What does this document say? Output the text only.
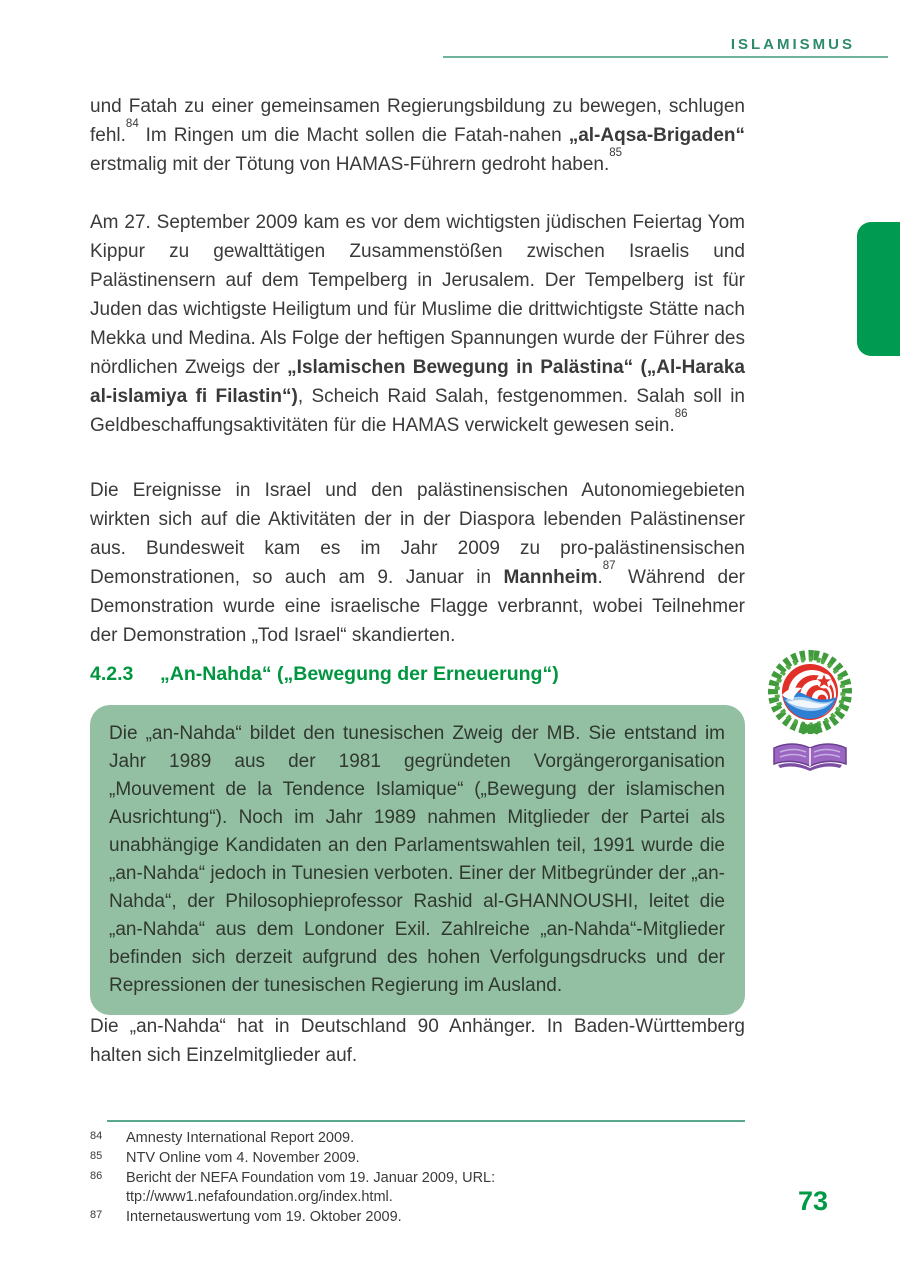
ISLAMISMUS

und Fatah zu einer gemeinsamen Regierungsbildung zu bewegen, schlugen fehl.$^{84}$ Im Ringen um die Macht sollen die Fatah-nahen „al-Aqsa-Brigaden“ erstmalig mit der Tötung von HAMAS-Führern gedroht haben.$^{85}$

Am 27. September 2009 kam es vor dem wichtigsten jüdischen Feiertag Yom Kippur zu gewalttätigen Zusammenstößen zwischen Israelis und Palästinensern auf dem Tempelberg in Jerusalem. Der Tempelberg ist für Juden das wichtigste Heiligtum und für Muslime die drittwichtigste Stätte nach Mekka und Medina. Als Folge der heftigen Spannungen wurde der Führer des nördlichen Zweigs der „Islamischen Bewegung in Palästina“ („Al-Haraka al-islamiya fi Filastin“), Scheich Raid Salah, festgenommen. Salah soll in Geldbeschaffungsaktivitäten für die HAMAS verwickelt gewesen sein.$^{86}$

Die Ereignisse in Israel und den palästinensischen Autonomiegebieten wirkten sich auf die Aktivitäten der in der Diaspora lebenden Palästinenser aus. Bundesweit kam es im Jahr 2009 zu pro-palästinensischen Demonstrationen, so auch am 9. Januar in Mannheim.$^{87}$ Während der Demonstration wurde eine israelische Flagge verbrannt, wobei Teilnehmer der Demonstration „Tod Israel“ skandierten.

4.2.3 „An-Nahda“ („Bewegung der Erneuerung“)

Die „an-Nahda“ bildet den tunesischen Zweig der MB. Sie entstand im Jahr 1989 aus der 1981 gegründeten Vorgängerorganisation „Mouvement de la Tendence Islamique“ („Bewegung der islamischen Ausrichtung“). Noch im Jahr 1989 nahmen Mitglieder der Partei als unabhängige Kandidaten an den Parlamentswahlen teil, 1991 wurde die „an-Nahda“ jedoch in Tunesien verboten. Einer der Mitbegründer der „an-Nahda“, der Philosophieprofessor Rashid al-GHANNOUSHI, leitet die „an-Nahda“ aus dem Londoner Exil. Zahlreiche „an-Nahda“-Mitglieder befinden sich derzeit aufgrund des hohen Verfolgungsdrucks und der Repressionen der tunesischen Regierung im Ausland.

Die „an-Nahda“ hat in Deutschland 90 Anhänger. In Baden-Württemberg halten sich Einzelmitglieder auf.

84	Amnesty International Report 2009.
85	NTV Online vom 4. November 2009.
86	Bericht der NEFA Foundation vom 19. Januar 2009, URL: ttp://www1.nefafoundation.org/index.html.
87	Internetauswertung vom 19. Oktober 2009.
73
